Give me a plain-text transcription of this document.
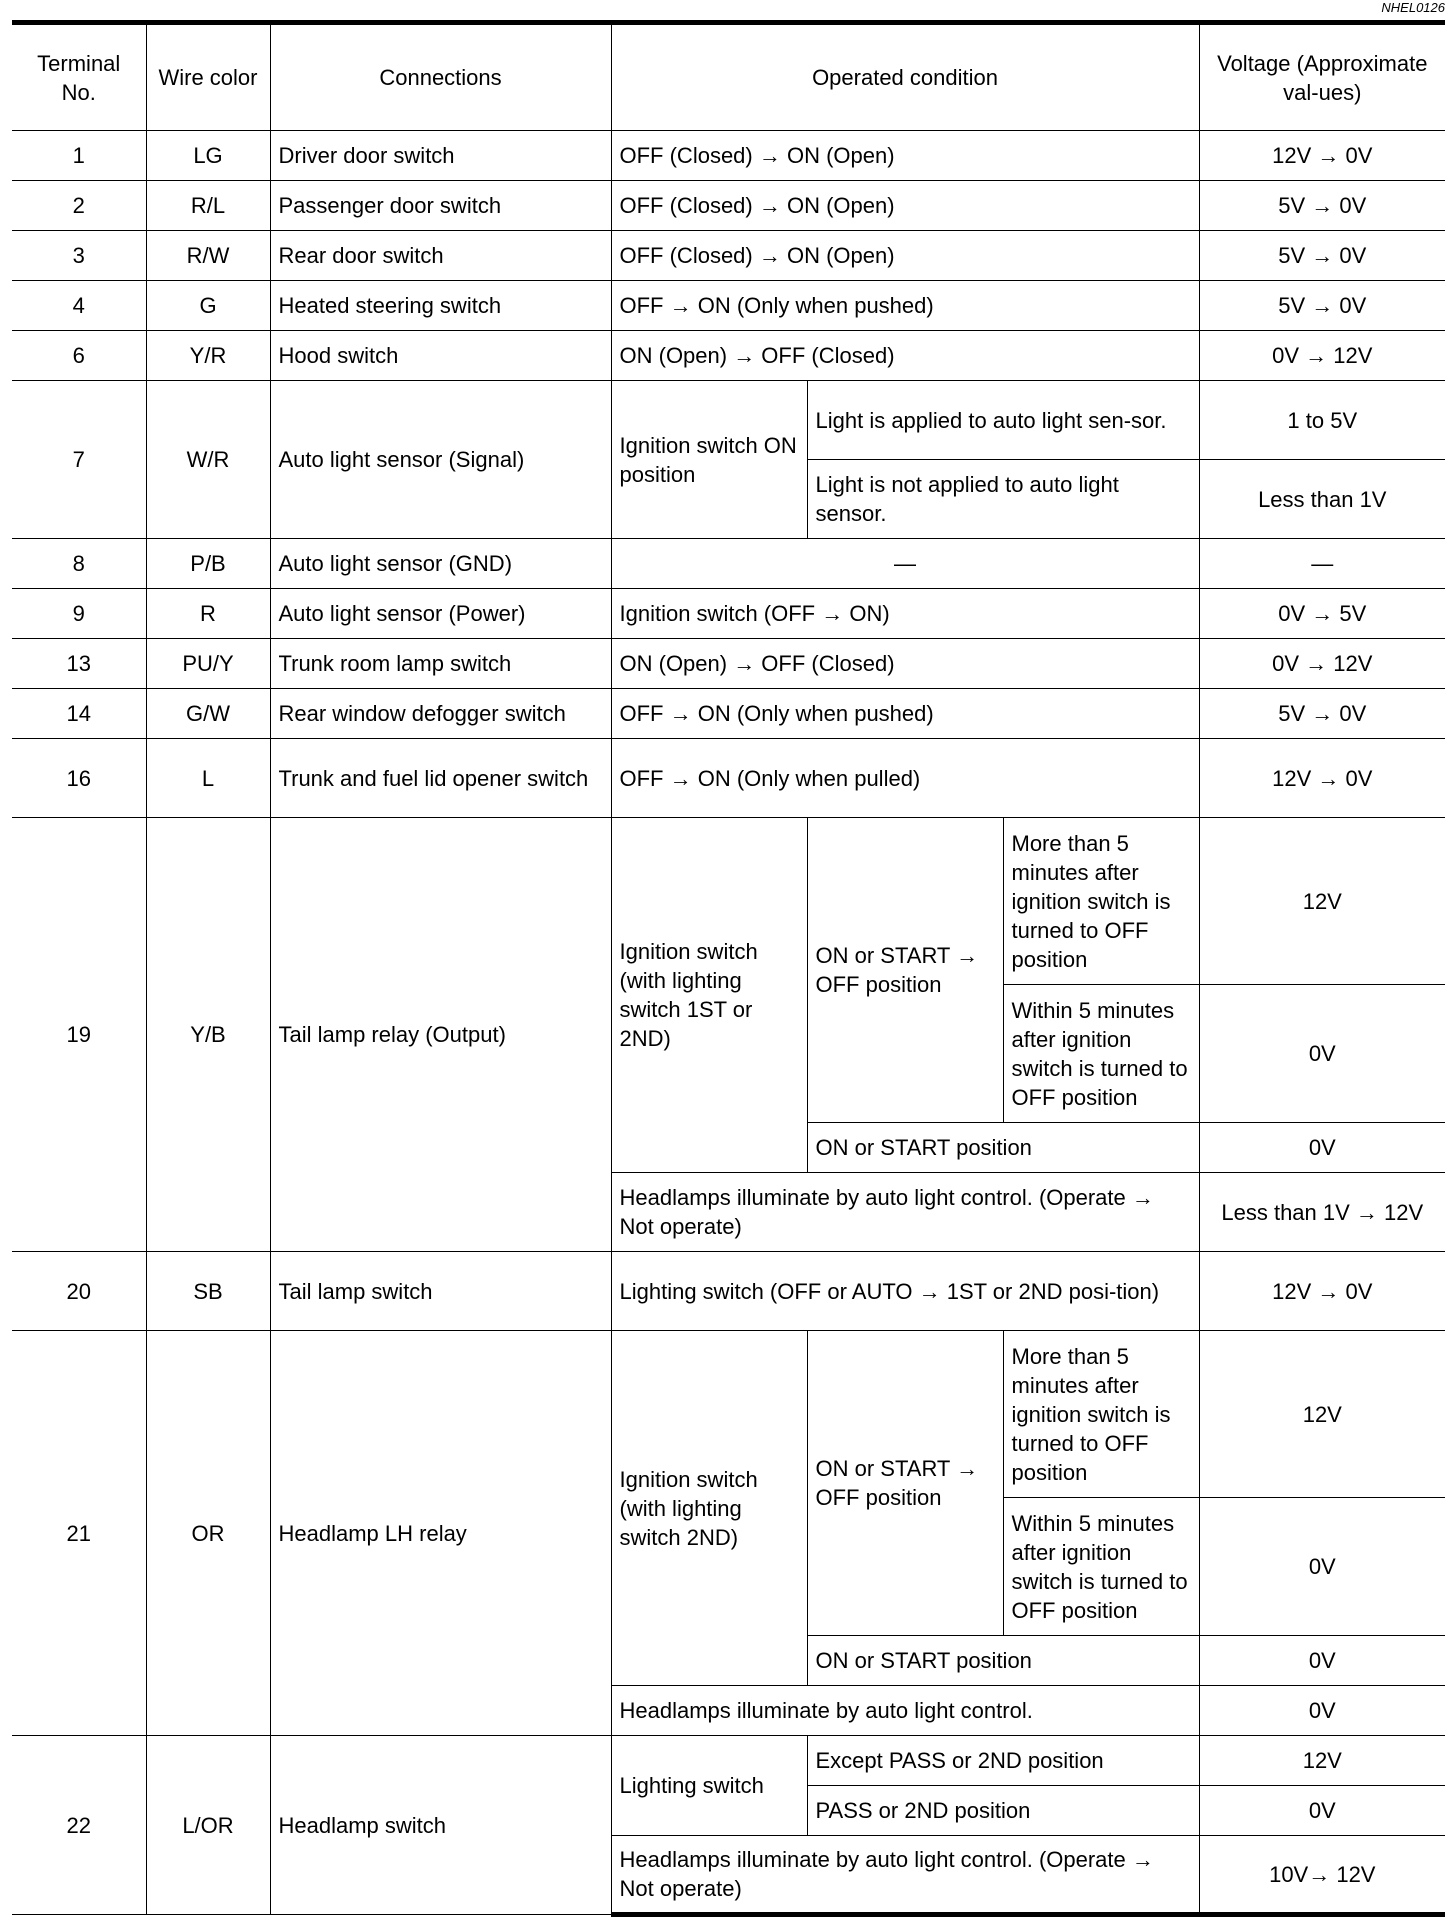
NHEL0126
Terminal No.	Wire color	Connections	Operated condition			Voltage (Approximate val-ues)
1	LG	Driver door switch	OFF (Closed) → ON (Open)			12V → 0V
2	R/L	Passenger door switch	OFF (Closed) → ON (Open)			5V → 0V
3	R/W	Rear door switch	OFF (Closed) → ON (Open)			5V → 0V
4	G	Heated steering switch	OFF → ON (Only when pushed)			5V → 0V
6	Y/R	Hood switch	ON (Open) → OFF (Closed)			0V → 12V
7	W/R	Auto light sensor (Signal)	Ignition switch ON position	Light is applied to auto light sen-sor.		1 to 5V
				Light is not applied to auto light sensor.		Less than 1V
8	P/B	Auto light sensor (GND)	—			—
9	R	Auto light sensor (Power)	Ignition switch (OFF → ON)			0V → 5V
13	PU/Y	Trunk room lamp switch	ON (Open) → OFF (Closed)			0V → 12V
14	G/W	Rear window defogger switch	OFF → ON (Only when pushed)			5V → 0V
16	L	Trunk and fuel lid opener switch	OFF → ON (Only when pulled)			12V → 0V
19	Y/B	Tail lamp relay (Output)	Ignition switch (with lighting switch 1ST or 2ND)	ON or START → OFF position	More than 5 minutes after ignition switch is turned to OFF position	12V
					Within 5 minutes after ignition switch is turned to OFF position	0V
				ON or START position		0V
			Headlamps illuminate by auto light control. (Operate → Not operate)			Less than 1V → 12V
20	SB	Tail lamp switch	Lighting switch (OFF or AUTO → 1ST or 2ND posi-tion)			12V → 0V
21	OR	Headlamp LH relay	Ignition switch (with lighting switch 2ND)	ON or START → OFF position	More than 5 minutes after ignition switch is turned to OFF position	12V
					Within 5 minutes after ignition switch is turned to OFF position	0V
				ON or START position		0V
			Headlamps illuminate by auto light control.			0V
22	L/OR	Headlamp switch	Lighting switch	Except PASS or 2ND position		12V
				PASS or 2ND position		0V
			Headlamps illuminate by auto light control. (Operate → Not operate)			10V→ 12V
